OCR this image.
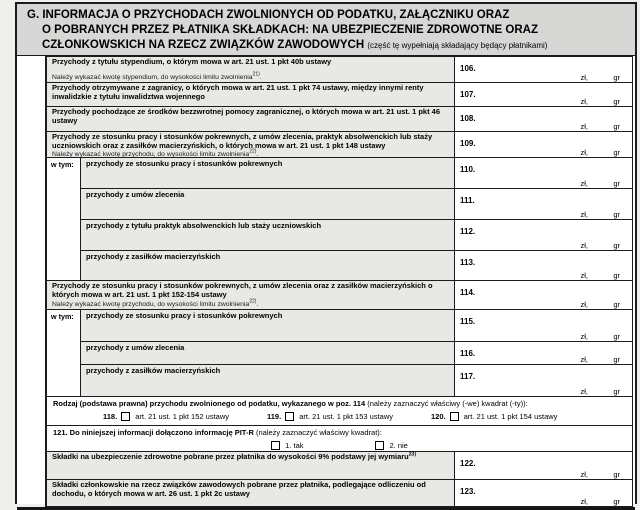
G. INFORMACJA O PRZYCHODACH ZWOLNIONYCH OD PODATKU, ZAŁĄCZNIKU ORAZ
O POBRANYCH PRZEZ PŁATNIKA SKŁADKACH: NA UBEZPIECZENIE ZDROWOTNE ORAZ
CZŁONKOWSKICH NA RZECZ ZWIĄZKÓW ZAWODOWYCH (część tę wypełniają składający będący płatnikami)
Przychody z tytułu stypendium, o którym mowa w art. 21 ust. 1 pkt 40b ustawy
Należy wykazać kwotę stypendium, do wysokości limitu zwolnienia$^{21)}$.
106.
zł,	gr
Przychody otrzymywane z zagranicy, o których mowa w art. 21 ust. 1 pkt 74 ustawy, między innymi renty inwalidzkie z tytułu inwalidztwa wojennego	107.
zł,	gr
Przychody pochodzące ze środków bezzwrotnej pomocy zagranicznej, o których mowa w art. 21 ust. 1 pkt 46 ustawy	108.
zł,	gr
Przychody ze stosunku pracy i stosunków pokrewnych, z umów zlecenia, praktyk absolwenckich lub staży uczniowskich oraz z zasiłków macierzyńskich, o których mowa w art. 21 ust. 1 pkt 148 ustawy
Należy wykazać kwotę przychodu, do wysokości limitu zwolnienia$^{22)}$.
109.
zł,	gr
w tym:	przychody ze stosunku pracy i stosunków pokrewnych
110.
zł,	gr
przychody z umów zlecenia
111.
zł,	gr
przychody z tytułu praktyk absolwenckich lub staży uczniowskich
112.
zł,	gr
przychody z zasiłków macierzyńskich
113.
zł,	gr
Przychody ze stosunku pracy i stosunków pokrewnych, z umów zlecenia oraz z zasiłków macierzyńskich o których mowa w art. 21 ust. 1 pkt 152-154 ustawy
Należy wykazać kwotę przychodu, do wysokości limitu zwolnienia$^{22)}$.
114.
zł,	gr
w tym:	przychody ze stosunku pracy i stosunków pokrewnych
115.
zł,	gr
przychody z umów zlecenia
116.
zł,	gr
przychody z zasiłków macierzyńskich
117.
zł,	gr
Rodzaj (podstawa prawna) przychodu zwolnionego od podatku, wykazanego w poz. 114 (należy zaznaczyć właściwy (-we) kwadrat (-ty)):
118. art. 21 ust. 1 pkt 152 ustawy	119. art. 21 ust. 1 pkt 153 ustawy	120. art. 21 ust. 1 pkt 154 ustawy
121. Do niniejszej informacji dołączono informację PIT-R (należy zaznaczyć właściwy kwadrat):
1. tak	2. nie
Składki na ubezpieczenie zdrowotne pobrane przez płatnika do wysokości 9% podstawy jej wymiaru$^{23)}$
122.
zł,	gr
Składki członkowskie na rzecz związków zawodowych pobrane przez płatnika, podlegające odliczeniu od dochodu, o których mowa w art. 26 ust. 1 pkt 2c ustawy	123.
zł,	gr
